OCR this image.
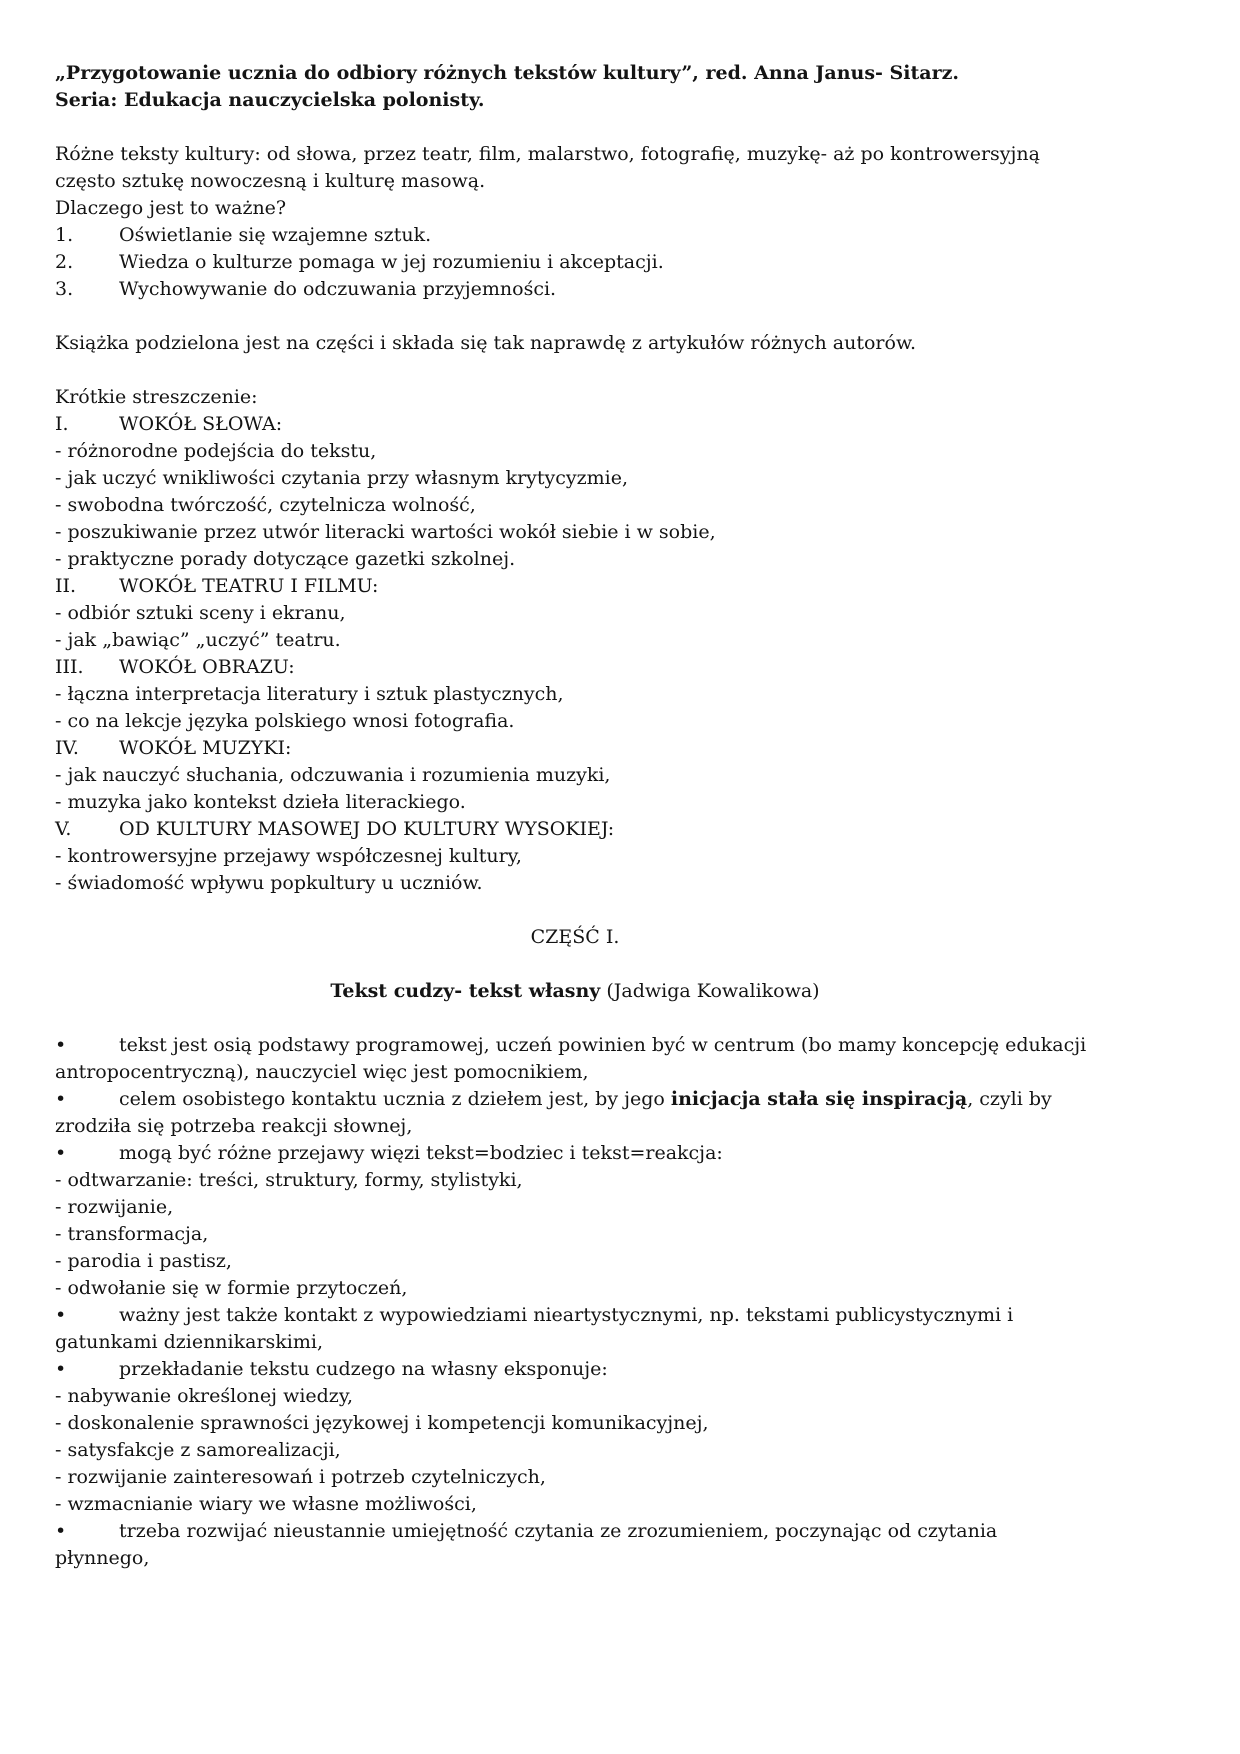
„Przygotowanie ucznia do odbiory różnych tekstów kultury”, red. Anna Janus- Sitarz.
Seria: Edukacja nauczycielska polonisty.
Różne teksty kultury: od słowa, przez teatr, film, malarstwo, fotografię, muzykę- aż po kontrowersyjną często sztukę nowoczesną i kulturę masową.
Dlaczego jest to ważne?
1. Oświetlanie się wzajemne sztuk.
2. Wiedza o kulturze pomaga w jej rozumieniu i akceptacji.
3. Wychowywanie do odczuwania przyjemności.
Książka podzielona jest na części i składa się tak naprawdę z artykułów różnych autorów.
Krótkie streszczenie:
I.	WOKÓŁ SŁOWA:
- różnorodne podejścia do tekstu,
- jak uczyć wnikliwości czytania przy własnym krytycyzmie,
- swobodna twórczość, czytelnicza wolność,
- poszukiwanie przez utwór literacki wartości wokół siebie i w sobie,
- praktyczne porady dotyczące gazetki szkolnej.
II. WOKÓŁ TEATRU I FILMU:
- odbiór sztuki sceny i ekranu,
- jak „bawiąc” „uczyć” teatru.
III. WOKÓŁ OBRAZU:
- łączna interpretacja literatury i sztuk plastycznych,
- co na lekcje języka polskiego wnosi fotografia.
IV. WOKÓŁ MUZYKI:
- jak nauczyć słuchania, odczuwania i rozumienia muzyki,
- muzyka jako kontekst dzieła literackiego.
V.	OD KULTURY MASOWEJ DO KULTURY WYSOKIEJ:
- kontrowersyjne przejawy współczesnej kultury,
- świadomość wpływu popkultury u uczniów.
CZĘŚĆ I.
Tekst cudzy- tekst własny (Jadwiga Kowalikowa)
•	tekst jest osią podstawy programowej, uczeń powinien być w centrum (bo mamy koncepcję edukacji antropocentryczną), nauczyciel więc jest pomocnikiem,
•	celem osobistego kontaktu ucznia z dziełem jest, by jego inicjacja stała się inspiracją, czyli by zrodziła się potrzeba reakcji słownej,
•	mogą być różne przejawy więzi tekst=bodziec i tekst=reakcja:
- odtwarzanie: treści, struktury, formy, stylistyki,
- rozwijanie,
- transformacja,
- parodia i pastisz,
- odwołanie się w formie przytoczeń,
•	ważny jest także kontakt z wypowiedziami nieartystycznymi, np. tekstami publicystycznymi i gatunkami dziennikarskimi,
•	przekładanie tekstu cudzego na własny eksponuje:
- nabywanie określonej wiedzy,
- doskonalenie sprawności językowej i kompetencji komunikacyjnej,
- satysfakcje z samorealizacji,
- rozwijanie zainteresowań i potrzeb czytelniczych,
- wzmacnianie wiary we własne możliwości,
•	trzeba rozwijać nieustannie umiejętność czytania ze zrozumieniem, poczynając od czytania płynnego,
